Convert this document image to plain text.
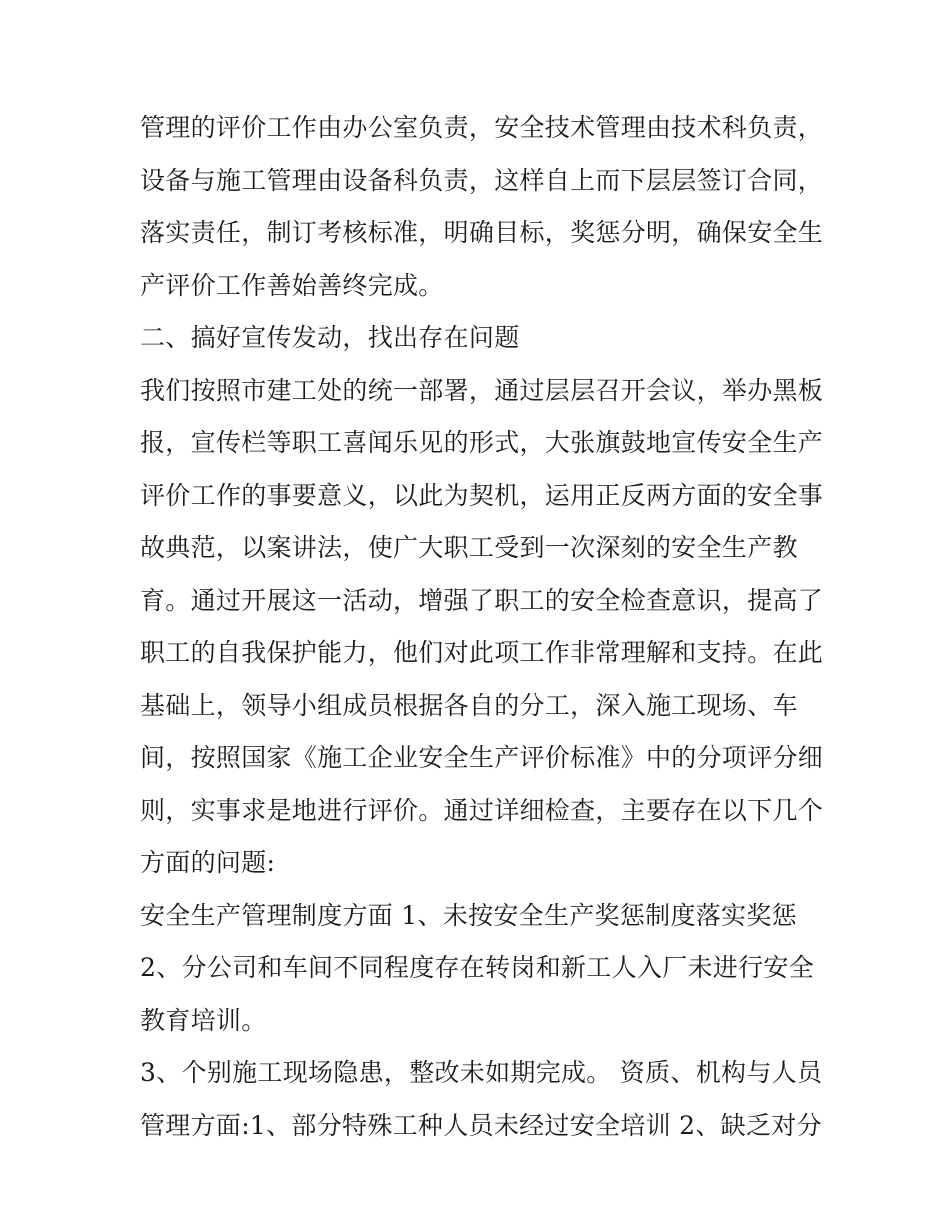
管理的评价工作由办公室负责，安全技术管理由技术科负责，
设备与施工管理由设备科负责，这样自上而下层层签订合同，
落实责任，制订考核标准，明确目标，奖惩分明，确保安全生
产评价工作善始善终完成。
二、搞好宣传发动，找出存在问题
我们按照市建工处的统一部署，通过层层召开会议，举办黑板
报，宣传栏等职工喜闻乐见的形式，大张旗鼓地宣传安全生产
评价工作的事要意义，以此为契机，运用正反两方面的安全事
故典范，以案讲法，使广大职工受到一次深刻的安全生产教
育。通过开展这一活动，增强了职工的安全检查意识，提高了
职工的自我保护能力，他们对此项工作非常理解和支持。在此
基础上，领导小组成员根据各自的分工，深入施工现场、车
间，按照国家《施工企业安全生产评价标准》中的分项评分细
则，实事求是地进行评价。通过详细检查，主要存在以下几个
方面的问题:
安全生产管理制度方面 1、未按安全生产奖惩制度落实奖惩
2、分公司和车间不同程度存在转岗和新工人入厂未进行安全
教育培训。
3、个别施工现场隐患，整改未如期完成。 资质、机构与人员
管理方面:1、部分特殊工种人员未经过安全培训 2、缺乏对分
